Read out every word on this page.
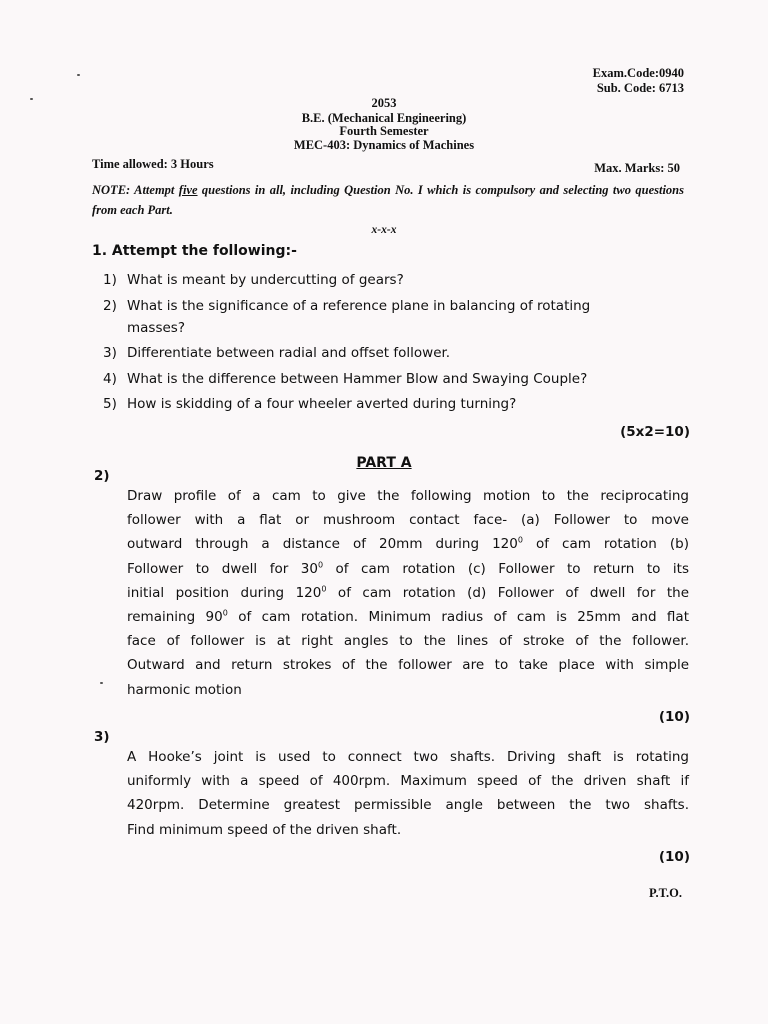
Exam.Code:0940
Sub. Code: 6713
2053
B.E. (Mechanical Engineering)
Fourth Semester
MEC-403: Dynamics of Machines
Time allowed: 3 Hours	Max. Marks: 50
NOTE: Attempt five questions in all, including Question No. I which is compulsory and selecting two questions from each Part.
x-x-x
1. Attempt the following:-
1) What is meant by undercutting of gears?
2) What is the significance of a reference plane in balancing of rotating
masses?
3) Differentiate between radial and offset follower.
4) What is the difference between Hammer Blow and Swaying Couple?
5) How is skidding of a four wheeler averted during turning?
(5x2=10)
PART A
2)
Draw profile of a cam to give the following motion to the reciprocating
follower with a flat or mushroom contact face- (a) Follower to move
outward through a distance of 20mm during $120^0$ of cam rotation (b)
Follower to dwell for $30^0$ of cam rotation (c) Follower to return to its
initial position during $120^0$ of cam rotation (d) Follower of dwell for the
remaining $90^0$ of cam rotation. Minimum radius of cam is 25mm and flat
face of follower is at right angles to the lines of stroke of the follower.
Outward and return strokes of the follower are to take place with simple
harmonic motion
(10)
3)
A Hooke’s joint is used to connect two shafts. Driving shaft is rotating
uniformly with a speed of 400rpm. Maximum speed of the driven shaft if
420rpm. Determine greatest permissible angle between the two shafts.
Find minimum speed of the driven shaft.
(10)
P.T.O.
